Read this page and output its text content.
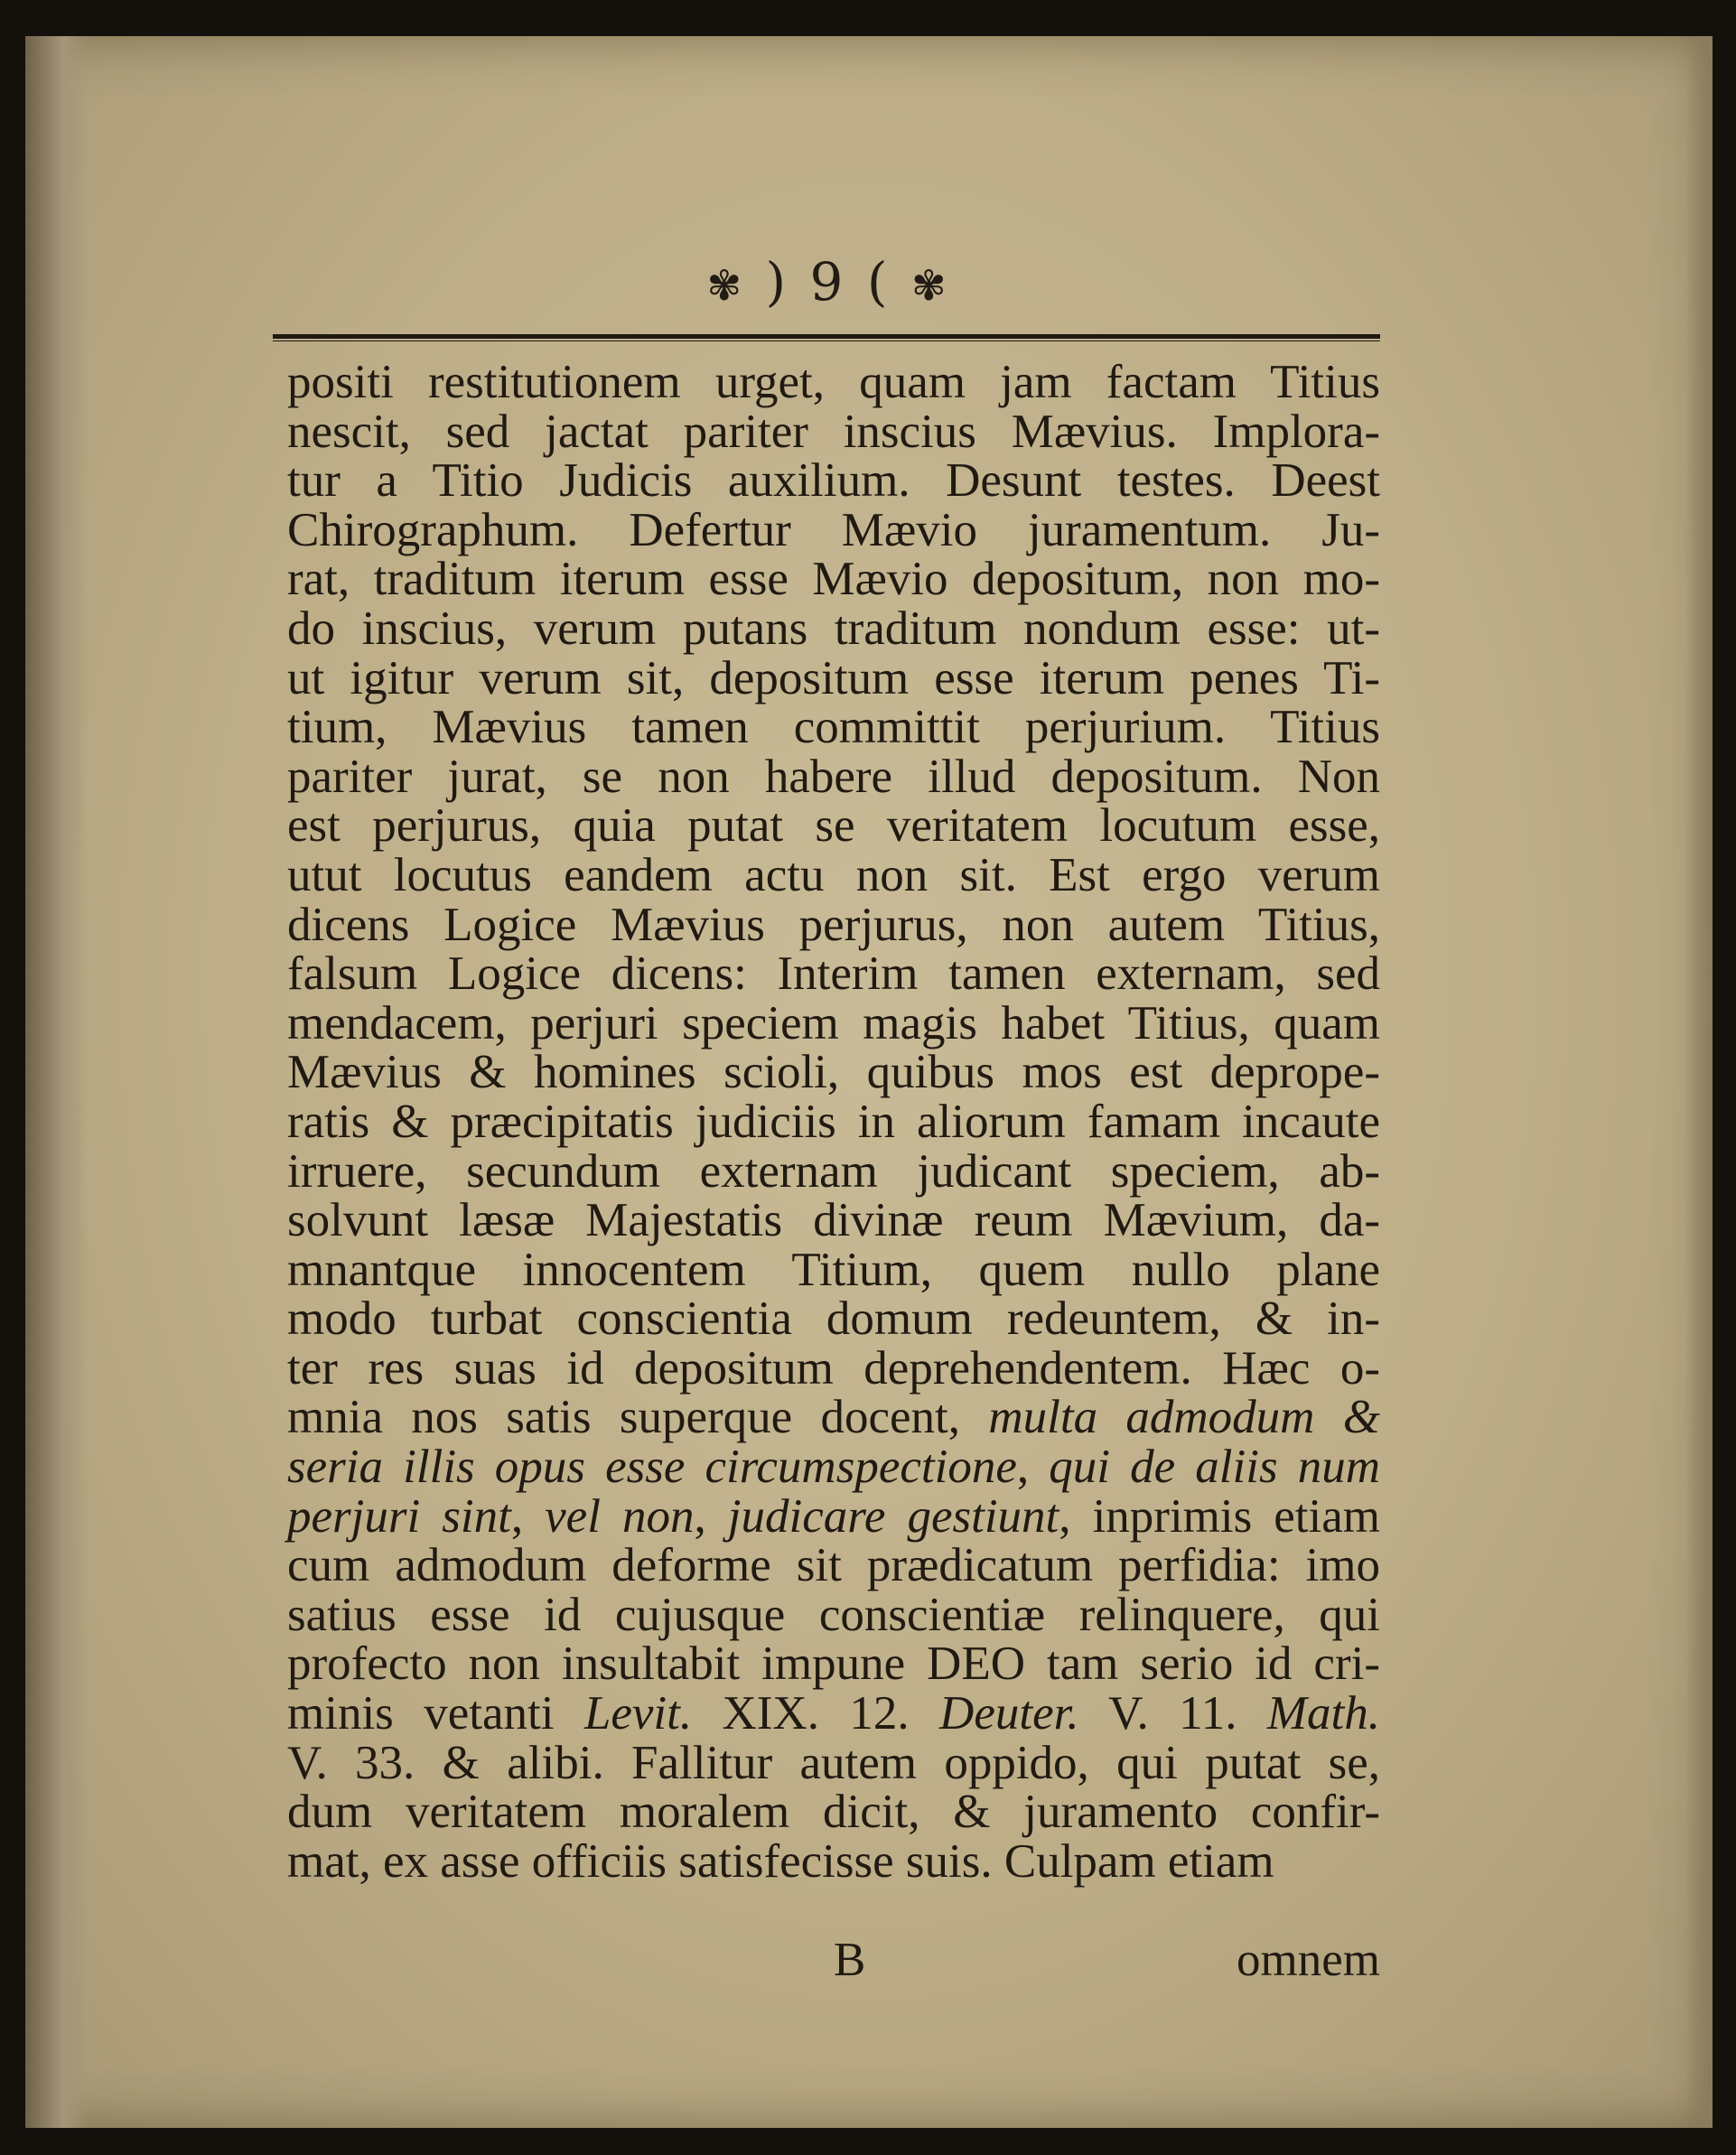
✾ ) 9 ( ✾
positi restitutionem urget, quam jam factam Titius
nescit, sed jactat pariter inscius Mævius. Implora-
tur a Titio Judicis auxilium. Desunt testes. Deest
Chirographum. Defertur Mævio juramentum. Ju-
rat, traditum iterum esse Mævio depositum, non mo-
do inscius, verum putans traditum nondum esse: ut-
ut igitur verum sit, depositum esse iterum penes Ti-
tium, Mævius tamen committit perjurium. Titius
pariter jurat, se non habere illud depositum. Non
est perjurus, quia putat se veritatem locutum esse,
utut locutus eandem actu non sit. Est ergo verum
dicens Logice Mævius perjurus, non autem Titius,
falsum Logice dicens: Interim tamen externam, sed
mendacem, perjuri speciem magis habet Titius, quam
Mævius & homines scioli, quibus mos est deprope-
ratis & præcipitatis judiciis in aliorum famam incaute
irruere, secundum externam judicant speciem, ab-
solvunt læsæ Majestatis divinæ reum Mævium, da-
mnantque innocentem Titium, quem nullo plane
modo turbat conscientia domum redeuntem, & in-
ter res suas id depositum deprehendentem. Hæc o-
mnia nos satis superque docent, multa admodum &
seria illis opus esse circumspectione, qui de aliis num
perjuri sint, vel non, judicare gestiunt, inprimis etiam
cum admodum deforme sit prædicatum perfidia: imo
satius esse id cujusque conscientiæ relinquere, qui
profecto non insultabit impune DEO tam serio id cri-
minis vetanti Levit. XIX. 12. Deuter. V. 11. Math.
V. 33. & alibi. Fallitur autem oppido, qui putat se,
dum veritatem moralem dicit, & juramento confir-
mat, ex asse officiis satisfecisse suis. Culpam etiam
B	omnem
